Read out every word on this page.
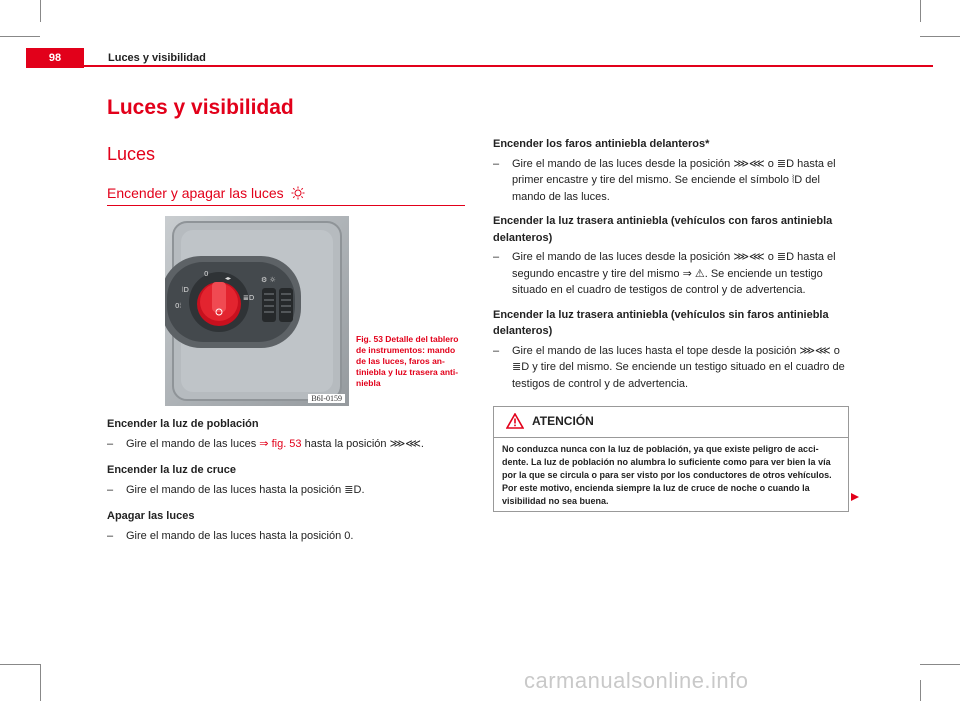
98	Luces y visibilidad
Luces y visibilidad
Luces
Encender y apagar las luces
0
◂▸
⦚D
0⦙
≣D
⚙ ☼
B6I-0159
Fig. 53 Detalle del tablero de instrumentos: mando de las luces, faros antiniebla y luz trasera antiniebla
Encender la luz de población
– Gire el mando de las luces ⇒ fig. 53 hasta la posición ⋙⋘.
Encender la luz de cruce
– Gire el mando de las luces hasta la posición ≣D.
Apagar las luces
– Gire el mando de las luces hasta la posición 0.
Encender los faros antiniebla delanteros*
– Gire el mando de las luces desde la posición ⋙⋘ o ≣D hasta el primer encastre y tire del mismo. Se enciende el símbolo ⦚D del mando de las luces.
Encender la luz trasera antiniebla (vehículos con faros antiniebla delanteros)
– Gire el mando de las luces desde la posición ⋙⋘ o ≣D hasta el segundo encastre y tire del mismo ⇒ ⚠. Se enciende un testigo situado en el cuadro de testigos de control y de advertencia.
Encender la luz trasera antiniebla (vehículos sin faros antiniebla delanteros)
– Gire el mando de las luces hasta el tope desde la posición ⋙⋘ o ≣D y tire del mismo. Se enciende un testigo situado en el cuadro de testigos de control y de advertencia.
ATENCIÓN
No conduzca nunca con la luz de población, ya que existe peligro de accidente. La luz de población no alumbra lo suficiente como para ver bien la vía por la que se circula o para ser visto por los conductores de otros vehículos. Por este motivo, encienda siempre la luz de cruce de noche o cuando la visibilidad no sea buena.
carmanualsonline.info
